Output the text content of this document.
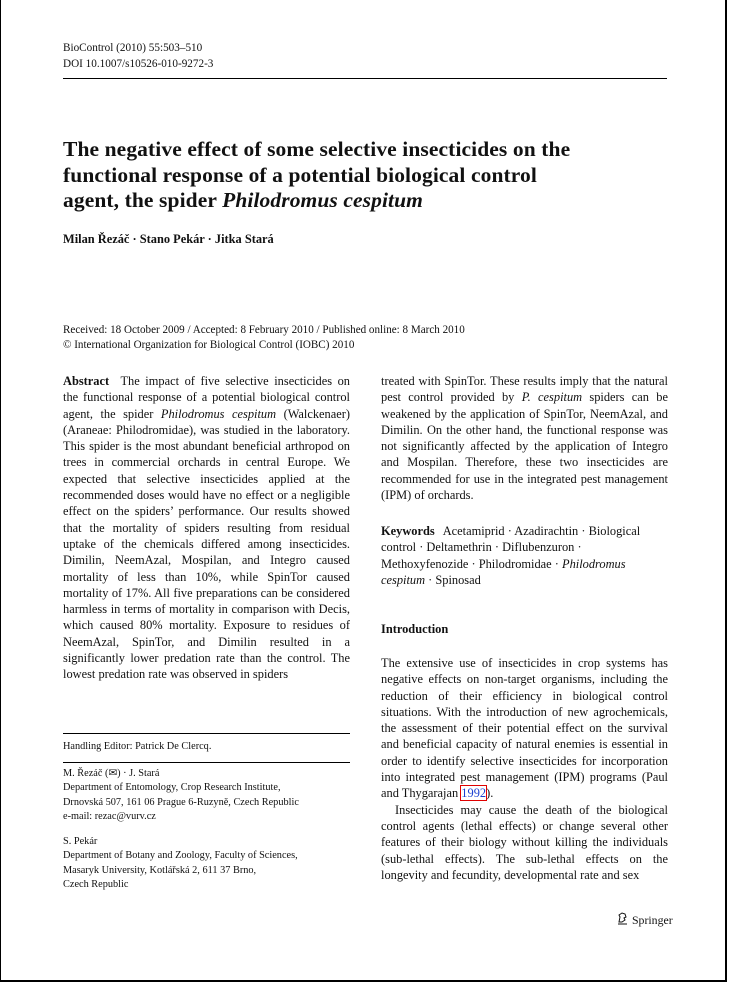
BioControl (2010) 55:503–510
DOI 10.1007/s10526-010-9272-3
The negative effect of some selective insecticides on the functional response of a potential biological control agent, the spider Philodromus cespitum
Milan Řezáč · Stano Pekár · Jitka Stará
Received: 18 October 2009 / Accepted: 8 February 2010 / Published online: 8 March 2010
© International Organization for Biological Control (IOBC) 2010

Abstract The impact of five selective insecticides on the functional response of a potential biological control agent, the spider Philodromus cespitum (Walckenaer) (Araneae: Philodromidae), was studied in the laboratory. This spider is the most abundant beneficial arthropod on trees in commercial orchards in central Europe. We expected that selective insecticides applied at the recommended doses would have no effect or a negligible effect on the spiders’ performance. Our results showed that the mortality of spiders resulting from residual uptake of the chemicals differed among insecticides. Dimilin, NeemAzal, Mospilan, and Integro caused mortality of less than 10%, while SpinTor caused mortality of 17%. All five preparations can be considered harmless in terms of mortality in comparison with Decis, which caused 80% mortality. Exposure to residues of NeemAzal, SpinTor, and Dimilin resulted in a significantly lower predation rate than the control. The lowest predation rate was observed in spiders

treated with SpinTor. These results imply that the natural pest control provided by P. cespitum spiders can be weakened by the application of SpinTor, NeemAzal, and Dimilin. On the other hand, the functional response was not significantly affected by the application of Integro and Mospilan. Therefore, these two insecticides are recommended for use in the integrated pest management (IPM) of orchards.

Keywords Acetamiprid · Azadirachtin · Biological control · Deltamethrin · Diflubenzuron · Methoxyfenozide · Philodromidae · Philodromus cespitum · Spinosad
Introduction

The extensive use of insecticides in crop systems has negative effects on non-target organisms, including the reduction of their efficiency in biological control situations. With the introduction of new agrochemicals, the assessment of their potential effect on the survival and beneficial capacity of natural enemies is essential in order to identify selective insecticides for incorporation into integrated pest management (IPM) programs (Paul and Thygarajan 1992).

Insecticides may cause the death of the biological control agents (lethal effects) or change several other features of their biology without killing the individuals (sub-lethal effects). The sub-lethal effects on the longevity and fecundity, developmental rate and sex

Handling Editor: Patrick De Clercq.
M. Řezáč (✉) · J. Stará
Department of Entomology, Crop Research Institute,
Drnovská 507, 161 06 Prague 6-Ruzyně, Czech Republic
e-mail: rezac@vurv.cz
S. Pekár
Department of Botany and Zoology, Faculty of Sciences,
Masaryk University, Kotlářská 2, 611 37 Brno,
Czech Republic
Springer
